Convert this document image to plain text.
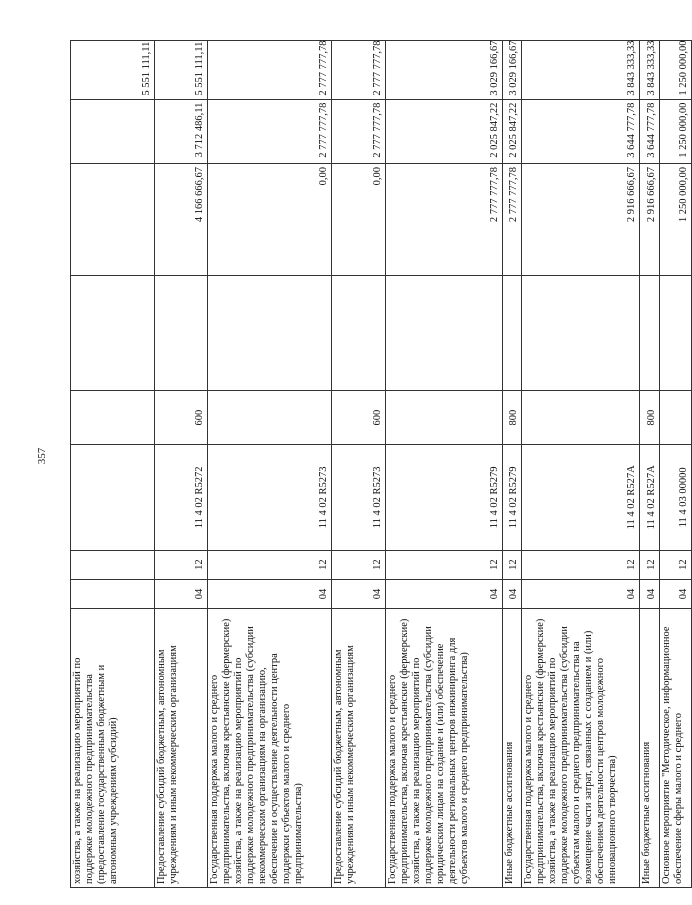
357
5 551 111,11								хозяйства, а также на реализацию мероприятий по поддержке молодежного предпринимательства (предоставление государственным бюджетным и автономным учреждениям субсидий)
5 551 111,11	3 712 486,11	4 166 666,67		600	11 4 02 R5272	12	04	Предоставление субсидий бюджетным, автономным учреждениям и иным некоммерческим организациям
2 777 777,78	2 777 777,78	0,00			11 4 02 R5273	12	04	Государственная поддержка малого и среднего предпринимательства, включая крестьянские (фермерские) хозяйства, а также на реализацию мероприятий по поддержке молодежного предпринимательства (субсидии некоммерческим организациям на организацию, обеспечение и осуществление деятельности центра поддержки субъектов малого и среднего предпринимательства)
2 777 777,78	2 777 777,78	0,00		600	11 4 02 R5273	12	04	Предоставление субсидий бюджетным, автономным учреждениям и иным некоммерческим организациям
3 029 166,67	2 025 847,22	2 777 777,78			11 4 02 R5279	12	04	Государственная поддержка малого и среднего предпринимательства, включая крестьянские (фермерские) хозяйства, а также на реализацию мероприятий по поддержке молодежного предпринимательства (субсидии юридическим лицам на создание и (или) обеспечение деятельности региональных центров инжиниринга для субъектов малого и среднего предпринимательства)
3 029 166,67	2 025 847,22	2 777 777,78		800	11 4 02 R5279	12	04	Иные бюджетные ассигнования
3 843 333,33	3 644 777,78	2 916 666,67			11 4 02 R527A	12	04	Государственная поддержка малого и среднего предпринимательства, включая крестьянские (фермерские) хозяйства, а также на реализацию мероприятий по поддержке молодежного предпринимательства (субсидии субъектам малого и среднего предпринимательства на возмещение части затрат, связанных с созданием и (или) обеспечением деятельности центров молодежного инновационного творчества)
3 843 333,33	3 644 777,78	2 916 666,67		800	11 4 02 R527A	12	04	Иные бюджетные ассигнования
1 250 000,00	1 250 000,00	1 250 000,00			11 4 03 00000	12	04	Основное мероприятие "Методическое, информационное обеспечение сферы малого и среднего
